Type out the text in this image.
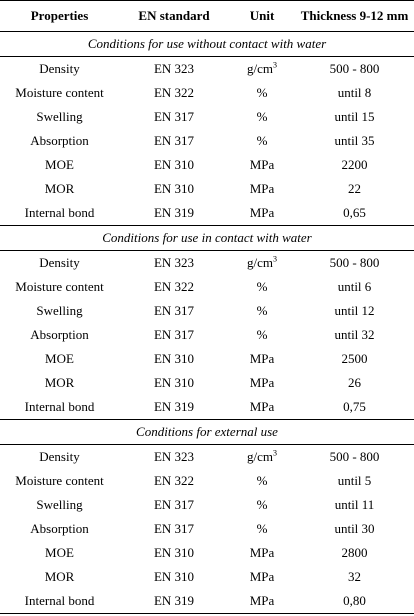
Properties	EN standard	Unit	Thickness 9-12 mm
Conditions for use without contact with water			
Density	EN 323	$g/cm^3$	500 - 800
Moisture content	EN 322	%	until 8
Swelling	EN 317	%	until 15
Absorption	EN 317	%	until 35
MOE	EN 310	MPa	2200
MOR	EN 310	MPa	22
Internal bond	EN 319	MPa	0,65
Conditions for use in contact with water			
Density	EN 323	$g/cm^3$	500 - 800
Moisture content	EN 322	%	until 6
Swelling	EN 317	%	until 12
Absorption	EN 317	%	until 32
MOE	EN 310	MPa	2500
MOR	EN 310	MPa	26
Internal bond	EN 319	MPa	0,75
Conditions for external use			
Density	EN 323	$g/cm^3$	500 - 800
Moisture content	EN 322	%	until 5
Swelling	EN 317	%	until 11
Absorption	EN 317	%	until 30
MOE	EN 310	MPa	2800
MOR	EN 310	MPa	32
Internal bond	EN 319	MPa	0,80
